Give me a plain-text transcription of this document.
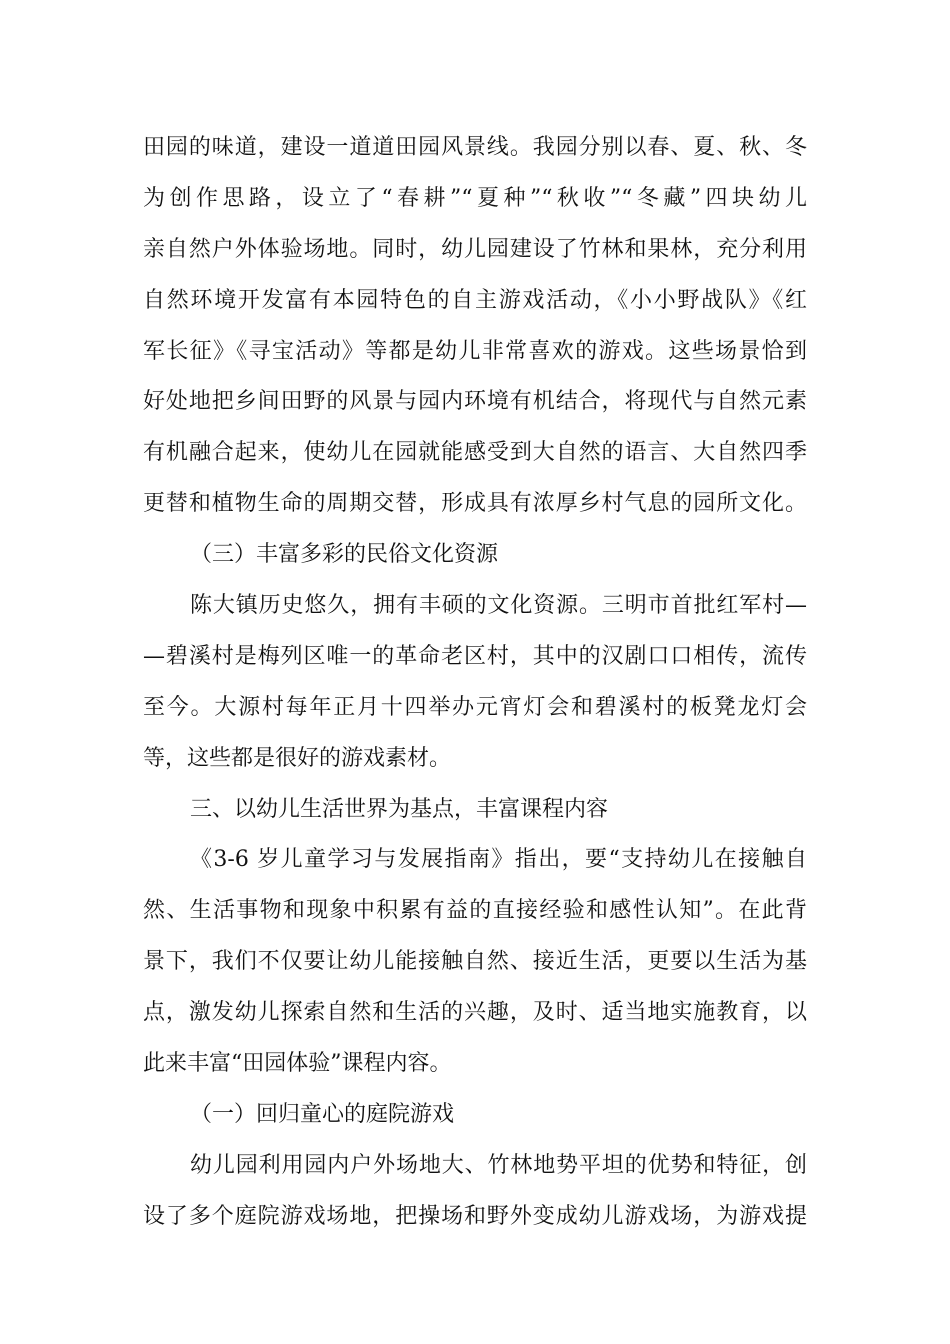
田园的味道，建设一道道田园风景线。我园分别以春、夏、秋、冬

为创作思路，设立了“春耕”“夏种”“秋收”“冬藏”四块幼儿

亲自然户外体验场地。同时，幼儿园建设了竹林和果林，充分利用

自然环境开发富有本园特色的自主游戏活动，《小小野战队》《红

军长征》《寻宝活动》等都是幼儿非常喜欢的游戏。这些场景恰到

好处地把乡间田野的风景与园内环境有机结合，将现代与自然元素

有机融合起来，使幼儿在园就能感受到大自然的语言、大自然四季

更替和植物生命的周期交替，形成具有浓厚乡村气息的园所文化。

（三）丰富多彩的民俗文化资源

陈大镇历史悠久，拥有丰硕的文化资源。三明市首批红军村—

—碧溪村是梅列区唯一的革命老区村，其中的汉剧口口相传，流传

至今。大源村每年正月十四举办元宵灯会和碧溪村的板凳龙灯会

等，这些都是很好的游戏素材。

三、以幼儿生活世界为基点，丰富课程内容

《3-6 岁儿童学习与发展指南》指出，要“支持幼儿在接触自

然、生活事物和现象中积累有益的直接经验和感性认知”。在此背

景下，我们不仅要让幼儿能接触自然、接近生活，更要以生活为基

点，激发幼儿探索自然和生活的兴趣，及时、适当地实施教育，以

此来丰富“田园体验”课程内容。

（一）回归童心的庭院游戏

幼儿园利用园内户外场地大、竹林地势平坦的优势和特征，创

设了多个庭院游戏场地，把操场和野外变成幼儿游戏场，为游戏提
